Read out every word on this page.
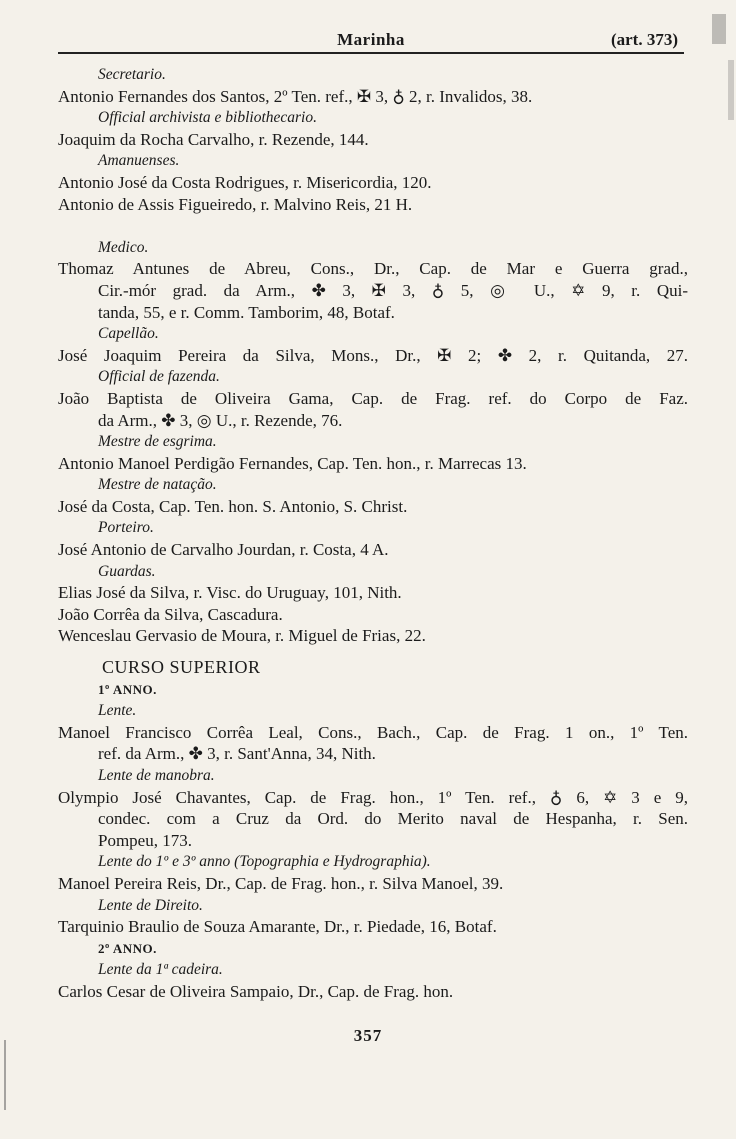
Marinha	(art. 373)
Secretario.
Antonio Fernandes dos Santos, 2º Ten. ref., ✠ 3, ♁ 2, r. Invalidos, 38.
Official archivista e bibliothecario.
Joaquim da Rocha Carvalho, r. Rezende, 144.
Amanuenses.
Antonio José da Costa Rodrigues, r. Misericordia, 120.
Antonio de Assis Figueiredo, r. Malvino Reis, 21 H.
Medico.
Thomaz Antunes de Abreu, Cons., Dr., Cap. de Mar e Guerra grad.,
Cir.-mór grad. da Arm., ✤ 3, ✠ 3, ♁ 5, ◎ U., ✡ 9, r. Qui-
tanda, 55, e r. Comm. Tamborim, 48, Botaf.
Capellão.
José Joaquim Pereira da Silva, Mons., Dr., ✠ 2; ✤ 2, r. Quitanda, 27.
Official de fazenda.
João Baptista de Oliveira Gama, Cap. de Frag. ref. do Corpo de Faz.
da Arm., ✤ 3, ◎ U., r. Rezende, 76.
Mestre de esgrima.
Antonio Manoel Perdigão Fernandes, Cap. Ten. hon., r. Marrecas 13.
Mestre de natação.
José da Costa, Cap. Ten. hon. S. Antonio, S. Christ.
Porteiro.
José Antonio de Carvalho Jourdan, r. Costa, 4 A.
Guardas.
Elias José da Silva, r. Visc. do Uruguay, 101, Nith.
João Corrêa da Silva, Cascadura.
Wenceslau Gervasio de Moura, r. Miguel de Frias, 22.
CURSO SUPERIOR
1º ANNO.
Lente.
Manoel Francisco Corrêa Leal, Cons., Bach., Cap. de Frag. 1 on., 1º Ten.
ref. da Arm., ✤ 3, r. Sant'Anna, 34, Nith.
Lente de manobra.
Olympio José Chavantes, Cap. de Frag. hon., 1º Ten. ref., ♁ 6, ✡ 3 e 9,
condec. com a Cruz da Ord. do Merito naval de Hespanha, r. Sen.
Pompeu, 173.
Lente do 1º e 3º anno (Topographia e Hydrographia).
Manoel Pereira Reis, Dr., Cap. de Frag. hon., r. Silva Manoel, 39.
Lente de Direito.
Tarquinio Braulio de Souza Amarante, Dr., r. Piedade, 16, Botaf.
2º ANNO.
Lente da 1ª cadeira.
Carlos Cesar de Oliveira Sampaio, Dr., Cap. de Frag. hon.
357
